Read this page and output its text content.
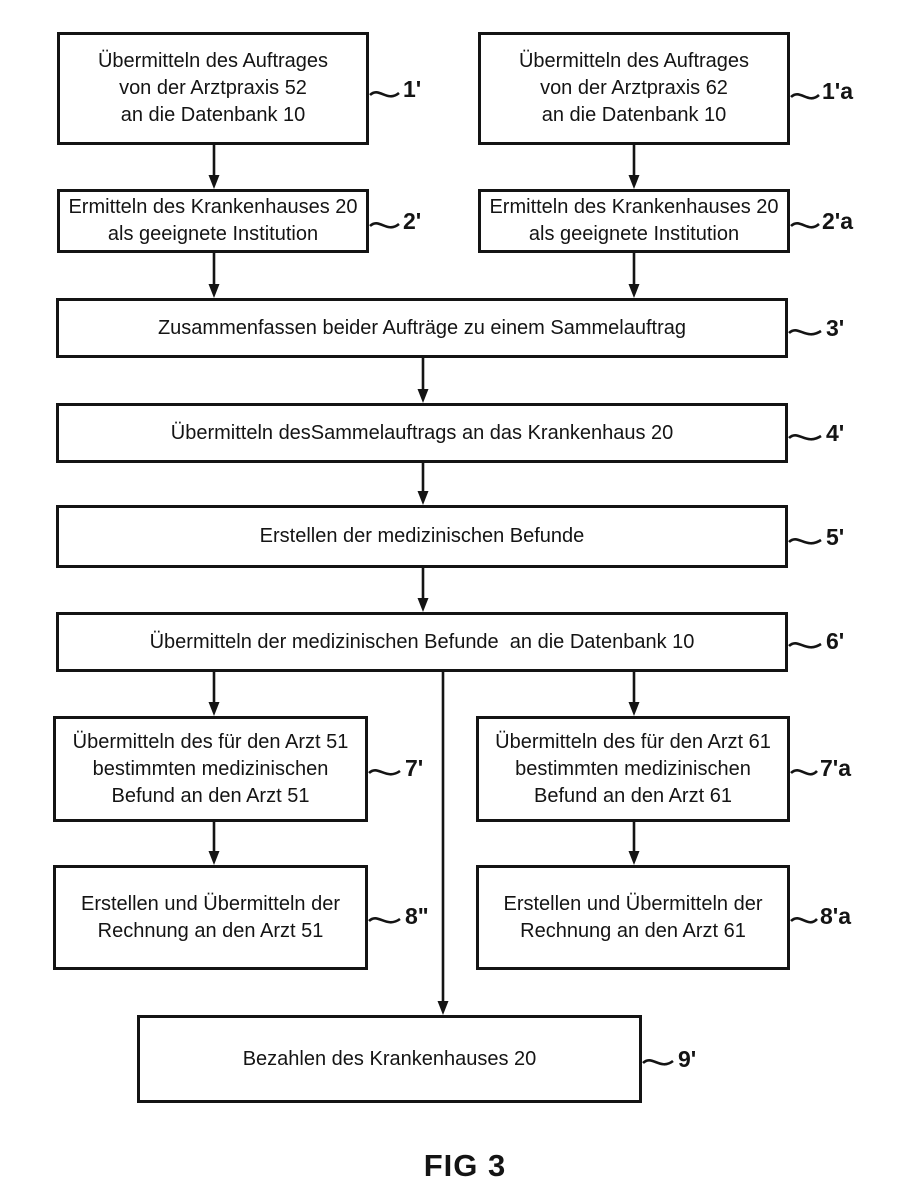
Übermitteln des Auftrages
von der Arztpraxis 52
an die Datenbank 10
Übermitteln des Auftrages
von der Arztpraxis 62
an die Datenbank 10
Ermitteln des Krankenhauses 20
als geeignete Institution
Ermitteln des Krankenhauses 20
als geeignete Institution
Zusammenfassen beider Aufträge zu einem Sammelauftrag
Übermitteln desSammelauftrags an das Krankenhaus 20
Erstellen der medizinischen Befunde
Übermitteln der medizinischen Befunde  an die Datenbank 10
Übermitteln des für den Arzt 51
bestimmten medizinischen
Befund an den Arzt 51
Übermitteln des für den Arzt 61
bestimmten medizinischen
Befund an den Arzt 61
Erstellen und Übermitteln der
Rechnung an den Arzt 51
Erstellen und Übermitteln der
Rechnung an den Arzt 61
Bezahlen des Krankenhauses 20
1'	1'a
2'	2'a
3'
4'
5'
6'
7'	7'a
8"	8'a
9'
FIG 3
